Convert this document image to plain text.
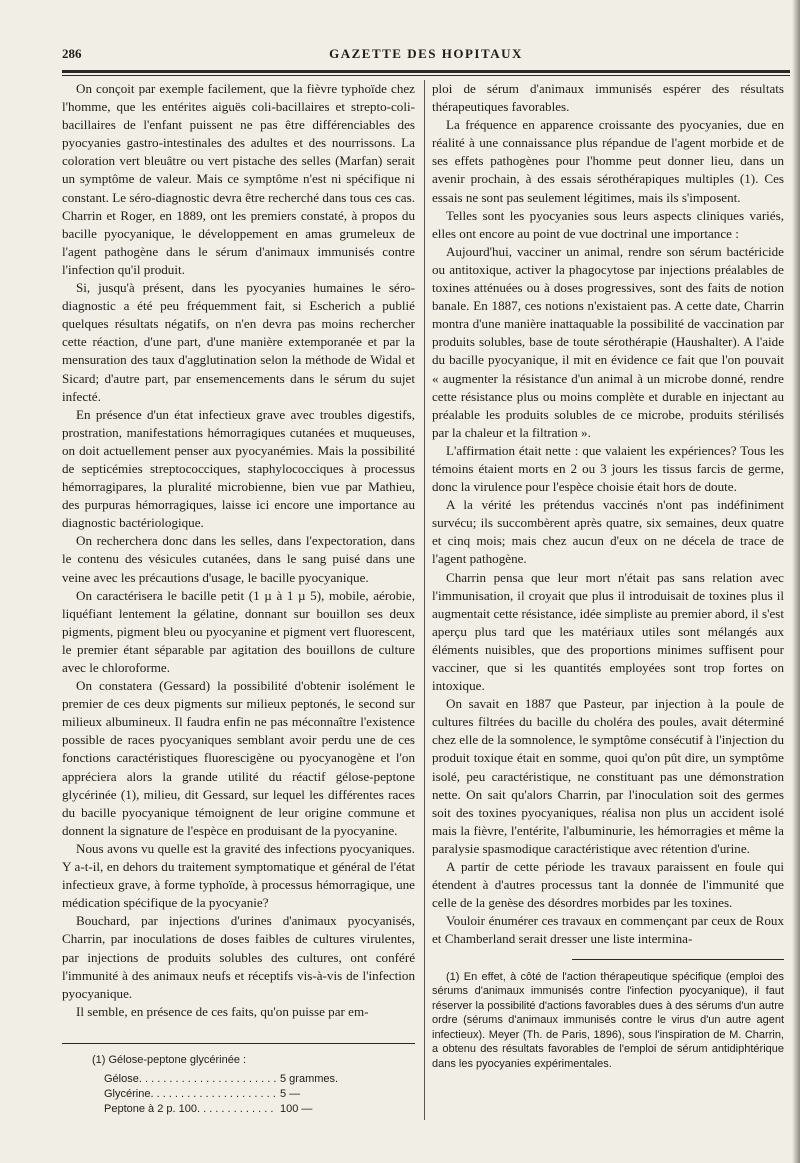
286	GAZETTE DES HOPITAUX

On conçoit par exemple facilement, que la fièvre typhoïde chez l'homme, que les entérites aiguës coli-bacillaires et strepto-coli-bacillaires de l'enfant puissent ne pas être différenciables des pyocyanies gastro-intestinales des adultes et des nourrissons. La coloration vert bleuâtre ou vert pistache des selles (Marfan) serait un symptôme de valeur. Mais ce symptôme n'est ni spécifique ni constant. Le séro-diagnostic devra être recherché dans tous ces cas. Charrin et Roger, en 1889, ont les premiers constaté, à propos du bacille pyocyanique, le développement en amas grumeleux de l'agent pathogène dans le sérum d'animaux immunisés contre l'infection qu'il produit.

Si, jusqu'à présent, dans les pyocyanies humaines le séro-diagnostic a été peu fréquemment fait, si Escherich a publié quelques résultats négatifs, on n'en devra pas moins rechercher cette réaction, d'une part, d'une manière extemporanée et par la mensuration des taux d'agglutination selon la méthode de Widal et Sicard; d'autre part, par ensemencements dans le sérum du sujet infecté.

En présence d'un état infectieux grave avec troubles digestifs, prostration, manifestations hémorragiques cutanées et muqueuses, on doit actuellement penser aux pyocyanémies. Mais la possibilité de septicémies streptococciques, staphylococciques à processus hémorragipares, la pluralité microbienne, bien vue par Mathieu, des purpuras hémorragiques, laisse ici encore une importance au diagnostic bactériologique.

On recherchera donc dans les selles, dans l'expectoration, dans le contenu des vésicules cutanées, dans le sang puisé dans une veine avec les précautions d'usage, le bacille pyocyanique.

On caractérisera le bacille petit (1 µ à 1 µ 5), mobile, aérobie, liquéfiant lentement la gélatine, donnant sur bouillon ses deux pigments, pigment bleu ou pyocyanine et pigment vert fluorescent, le premier étant séparable par agitation des bouillons de culture avec le chloroforme.

On constatera (Gessard) la possibilité d'obtenir isolément le premier de ces deux pigments sur milieux peptonés, le second sur milieux albumineux. Il faudra enfin ne pas méconnaître l'existence possible de races pyocyaniques semblant avoir perdu une de ces fonctions caractéristiques fluorescigène ou pyocyanogène et l'on appréciera alors la grande utilité du réactif gélose-peptone glycérinée (1), milieu, dit Gessard, sur lequel les différentes races du bacille pyocyanique témoignent de leur origine commune et donnent la signature de l'espèce en produisant de la pyocyanine.

Nous avons vu quelle est la gravité des infections pyocyaniques. Y a-t-il, en dehors du traitement symptomatique et général de l'état infectieux grave, à forme typhoïde, à processus hémorragique, une médication spécifique de la pyocyanie?

Bouchard, par injections d'urines d'animaux pyocyanisés, Charrin, par inoculations de doses faibles de cultures virulentes, par injections de produits solubles des cultures, ont conféré l'immunité à des animaux neufs et réceptifs vis-à-vis de l'infection pyocyanique.

Il semble, en présence de ces faits, qu'on puisse par em-

(1) Gélose-peptone glycérinée :

Gélose . . .	5 grammes.
Glycérine . . .	5 —
Peptone à 2 p. 100 . . .	100 —

ploi de sérum d'animaux immunisés espérer des résultats thérapeutiques favorables.

La fréquence en apparence croissante des pyocyanies, due en réalité à une connaissance plus répandue de l'agent morbide et de ses effets pathogènes pour l'homme peut donner lieu, dans un avenir prochain, à des essais sérothérapiques multiples (1). Ces essais ne sont pas seulement légitimes, mais ils s'imposent.

Telles sont les pyocyanies sous leurs aspects cliniques variés, elles ont encore au point de vue doctrinal une importance :

Aujourd'hui, vacciner un animal, rendre son sérum bactéricide ou antitoxique, activer la phagocytose par injections préalables de toxines atténuées ou à doses progressives, sont des faits de notion banale. En 1887, ces notions n'existaient pas. A cette date, Charrin montra d'une manière inattaquable la possibilité de vaccination par produits solubles, base de toute sérothérapie (Haushalter). A l'aide du bacille pyocyanique, il mit en évidence ce fait que l'on pouvait « augmenter la résistance d'un animal à un microbe donné, rendre cette résistance plus ou moins complète et durable en injectant au préalable les produits solubles de ce microbe, produits stérilisés par la chaleur et la filtration ».

L'affirmation était nette : que valaient les expériences? Tous les témoins étaient morts en 2 ou 3 jours les tissus farcis de germe, donc la virulence pour l'espèce choisie était hors de doute.

A la vérité les prétendus vaccinés n'ont pas indéfiniment survécu; ils succombèrent après quatre, six semaines, deux quatre et cinq mois; mais chez aucun d'eux on ne décela de trace de l'agent pathogène.

Charrin pensa que leur mort n'était pas sans relation avec l'immunisation, il croyait que plus il introduisait de toxines plus il augmentait cette résistance, idée simpliste au premier abord, il s'est aperçu plus tard que les matériaux utiles sont mélangés aux éléments nuisibles, que des proportions minimes suffisent pour vacciner, que si les quantités employées sont trop fortes on intoxique.

On savait en 1887 que Pasteur, par injection à la poule de cultures filtrées du bacille du choléra des poules, avait déterminé chez elle de la somnolence, le symptôme consécutif à l'injection du produit toxique était en somme, quoi qu'on pût dire, un symptôme isolé, peu caractéristique, ne constituant pas une démonstration nette. On sait qu'alors Charrin, par l'inoculation soit des germes soit des toxines pyocyaniques, réalisa non plus un accident isolé mais la fièvre, l'entérite, l'albuminurie, les hémorragies et même la paralysie spasmodique caractéristique avec rétention d'urine.

A partir de cette période les travaux paraissent en foule qui étendent à d'autres processus tant la donnée de l'immunité que celle de la genèse des désordres morbides par les toxines.

Vouloir énumérer ces travaux en commençant par ceux de Roux et Chamberland serait dresser une liste intermina-

(1) En effet, à côté de l'action thérapeutique spécifique (emploi des sérums d'animaux immunisés contre l'infection pyocyanique), il faut réserver la possibilité d'actions favorables dues à des sérums d'un autre ordre (sérums d'animaux immunisés contre le virus d'un autre agent infectieux). Meyer (Th. de Paris, 1896), sous l'inspiration de M. Charrin, a obtenu des résultats favorables de l'emploi de sérum antidiphtérique dans les pyocyanies expérimentales.
